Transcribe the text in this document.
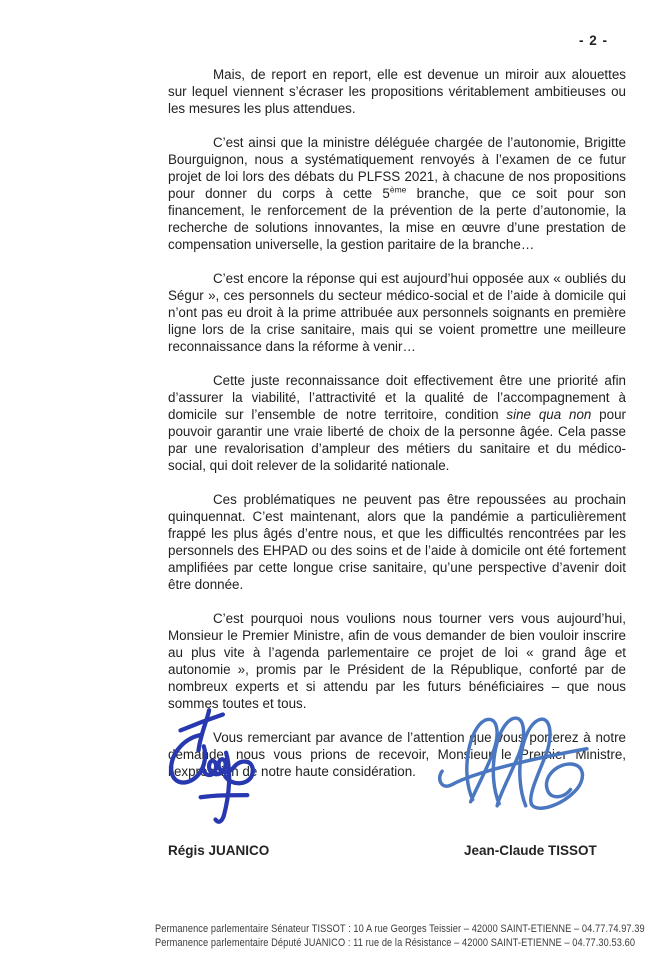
- 2 -

Mais, de report en report, elle est devenue un miroir aux alouettes sur lequel viennent s’écraser les propositions véritablement ambitieuses ou les mesures les plus attendues.

C’est ainsi que la ministre déléguée chargée de l’autonomie, Brigitte Bourguignon, nous a systématiquement renvoyés à l’examen de ce futur projet de loi lors des débats du PLFSS 2021, à chacune de nos propositions pour donner du corps à cette 5ème branche, que ce soit pour son financement, le renforcement de la prévention de la perte d’autonomie, la recherche de solutions innovantes, la mise en œuvre d’une prestation de compensation universelle, la gestion paritaire de la branche…

C’est encore la réponse qui est aujourd’hui opposée aux « oubliés du Ségur », ces personnels du secteur médico-social et de l’aide à domicile qui n’ont pas eu droit à la prime attribuée aux personnels soignants en première ligne lors de la crise sanitaire, mais qui se voient promettre une meilleure reconnaissance dans la réforme à venir…

Cette juste reconnaissance doit effectivement être une priorité afin d’assurer la viabilité, l’attractivité et la qualité de l’accompagnement à domicile sur l’ensemble de notre territoire, condition sine qua non pour pouvoir garantir une vraie liberté de choix de la personne âgée. Cela passe par une revalorisation d’ampleur des métiers du sanitaire et du médico-social, qui doit relever de la solidarité nationale.

Ces problématiques ne peuvent pas être repoussées au prochain quinquennat. C’est maintenant, alors que la pandémie a particulièrement frappé les plus âgés d’entre nous, et que les difficultés rencontrées par les personnels des EHPAD ou des soins et de l’aide à domicile ont été fortement amplifiées par cette longue crise sanitaire, qu’une perspective d’avenir doit être donnée.

C’est pourquoi nous voulions nous tourner vers vous aujourd’hui, Monsieur le Premier Ministre, afin de vous demander de bien vouloir inscrire au plus vite à l’agenda parlementaire ce projet de loi « grand âge et autonomie », promis par le Président de la République, conforté par de nombreux experts et si attendu par les futurs bénéficiaires – que nous sommes toutes et tous.

Vous remerciant par avance de l’attention que vous porterez à notre demande, nous vous prions de recevoir, Monsieur le Premier Ministre, l’expression de notre haute considération.

Régis JUANICO	Jean-Claude TISSOT
Permanence parlementaire Sénateur TISSOT : 10 A rue Georges Teissier – 42000 SAINT-ETIENNE – 04.77.74.97.39
Permanence parlementaire Député JUANICO : 11 rue de la Résistance – 42000 SAINT-ETIENNE – 04.77.30.53.60
